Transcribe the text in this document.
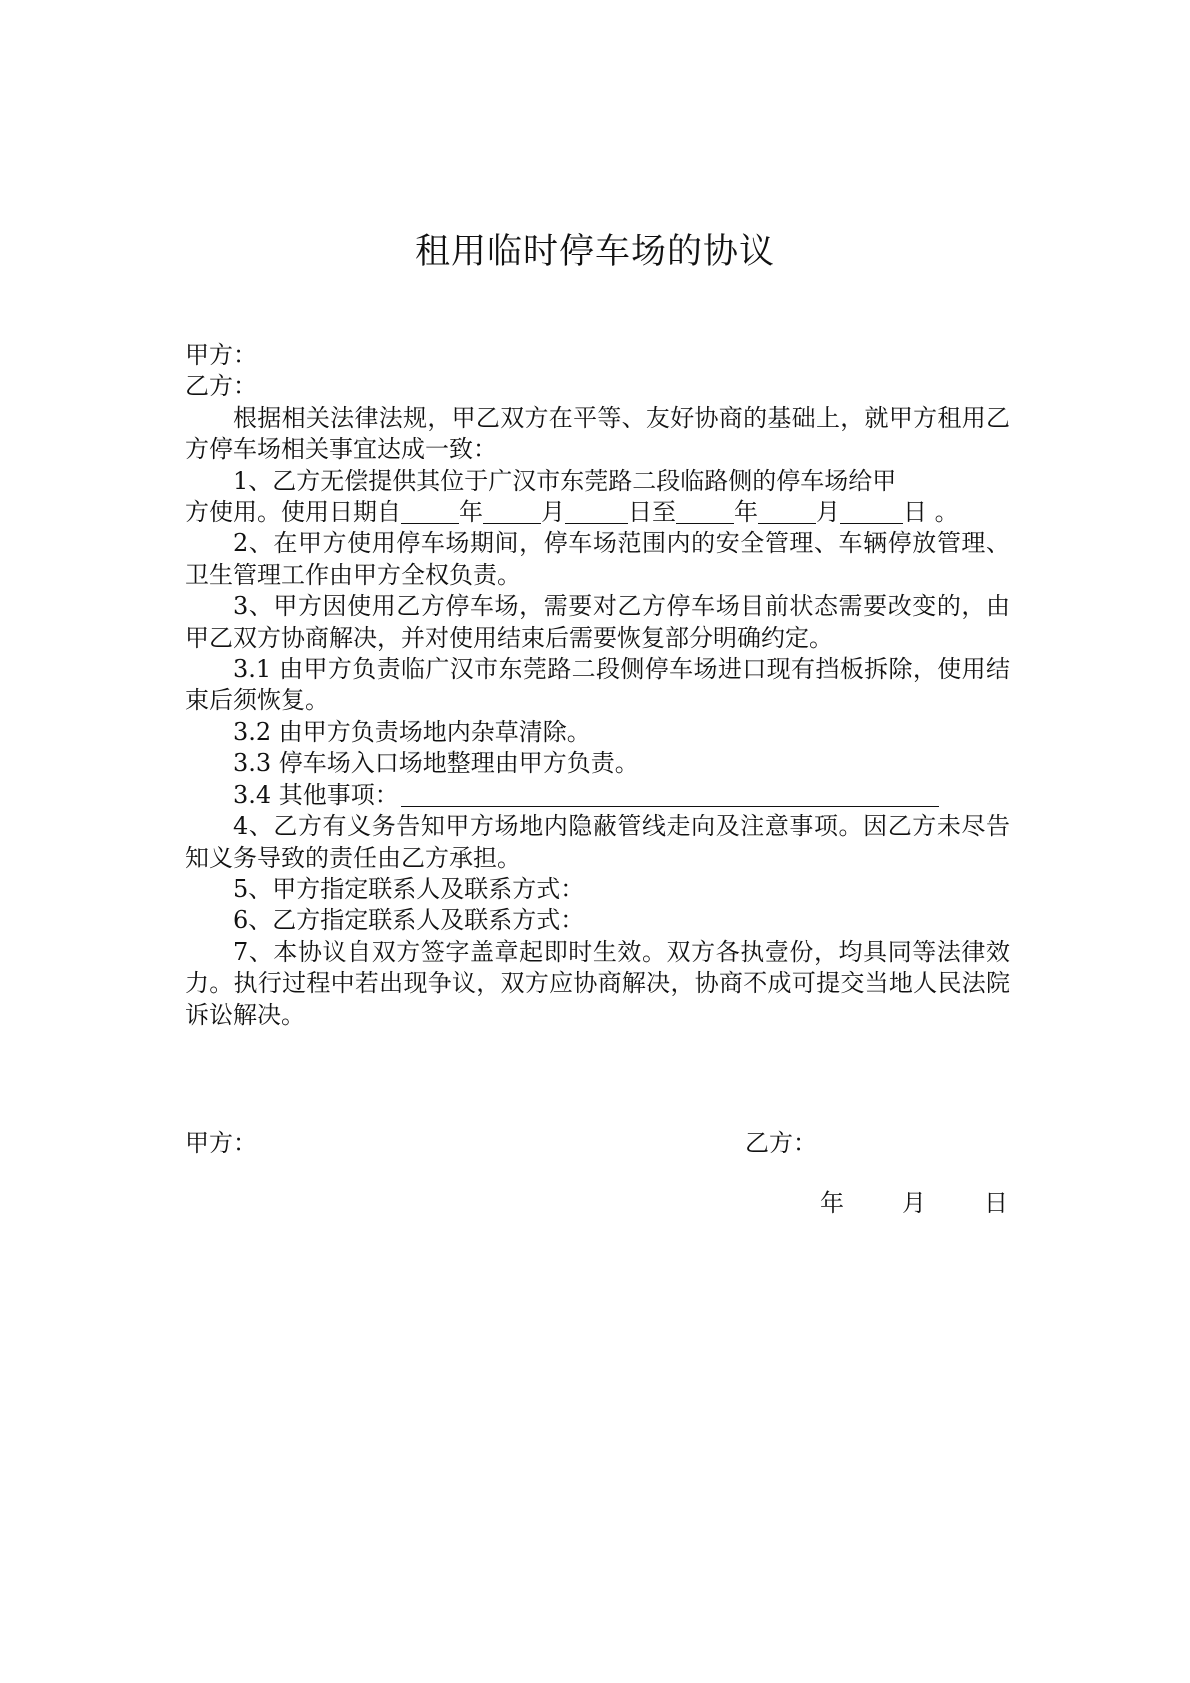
租用临时停车场的协议

甲方：

乙方：

根据相关法律法规，甲乙双方在平等、友好协商的基础上，就甲方租用乙方停车场相关事宜达成一致：

1、乙方无偿提供其位于广汉市东莞路二段临路侧的停车场给甲

方使用。使用日期自 年 月	日至 年 月	日 。

2、在甲方使用停车场期间，停车场范围内的安全管理、车辆停放管理、卫生管理工作由甲方全权负责。

3、甲方因使用乙方停车场，需要对乙方停车场目前状态需要改变的，由甲乙双方协商解决，并对使用结束后需要恢复部分明确约定。

3.1 由甲方负责临广汉市东莞路二段侧停车场进口现有挡板拆除，使用结束后须恢复。

3.2 由甲方负责场地内杂草清除。

3.3 停车场入口场地整理由甲方负责。

3.4 其他事项：

4、乙方有义务告知甲方场地内隐蔽管线走向及注意事项。因乙方未尽告知义务导致的责任由乙方承担。

5、甲方指定联系人及联系方式：

6、乙方指定联系人及联系方式：

7、本协议自双方签字盖章起即时生效。双方各执壹份，均具同等法律效力。执行过程中若出现争议，双方应协商解决，协商不成可提交当地人民法院诉讼解决。

甲方：	乙方：
年 月 日
